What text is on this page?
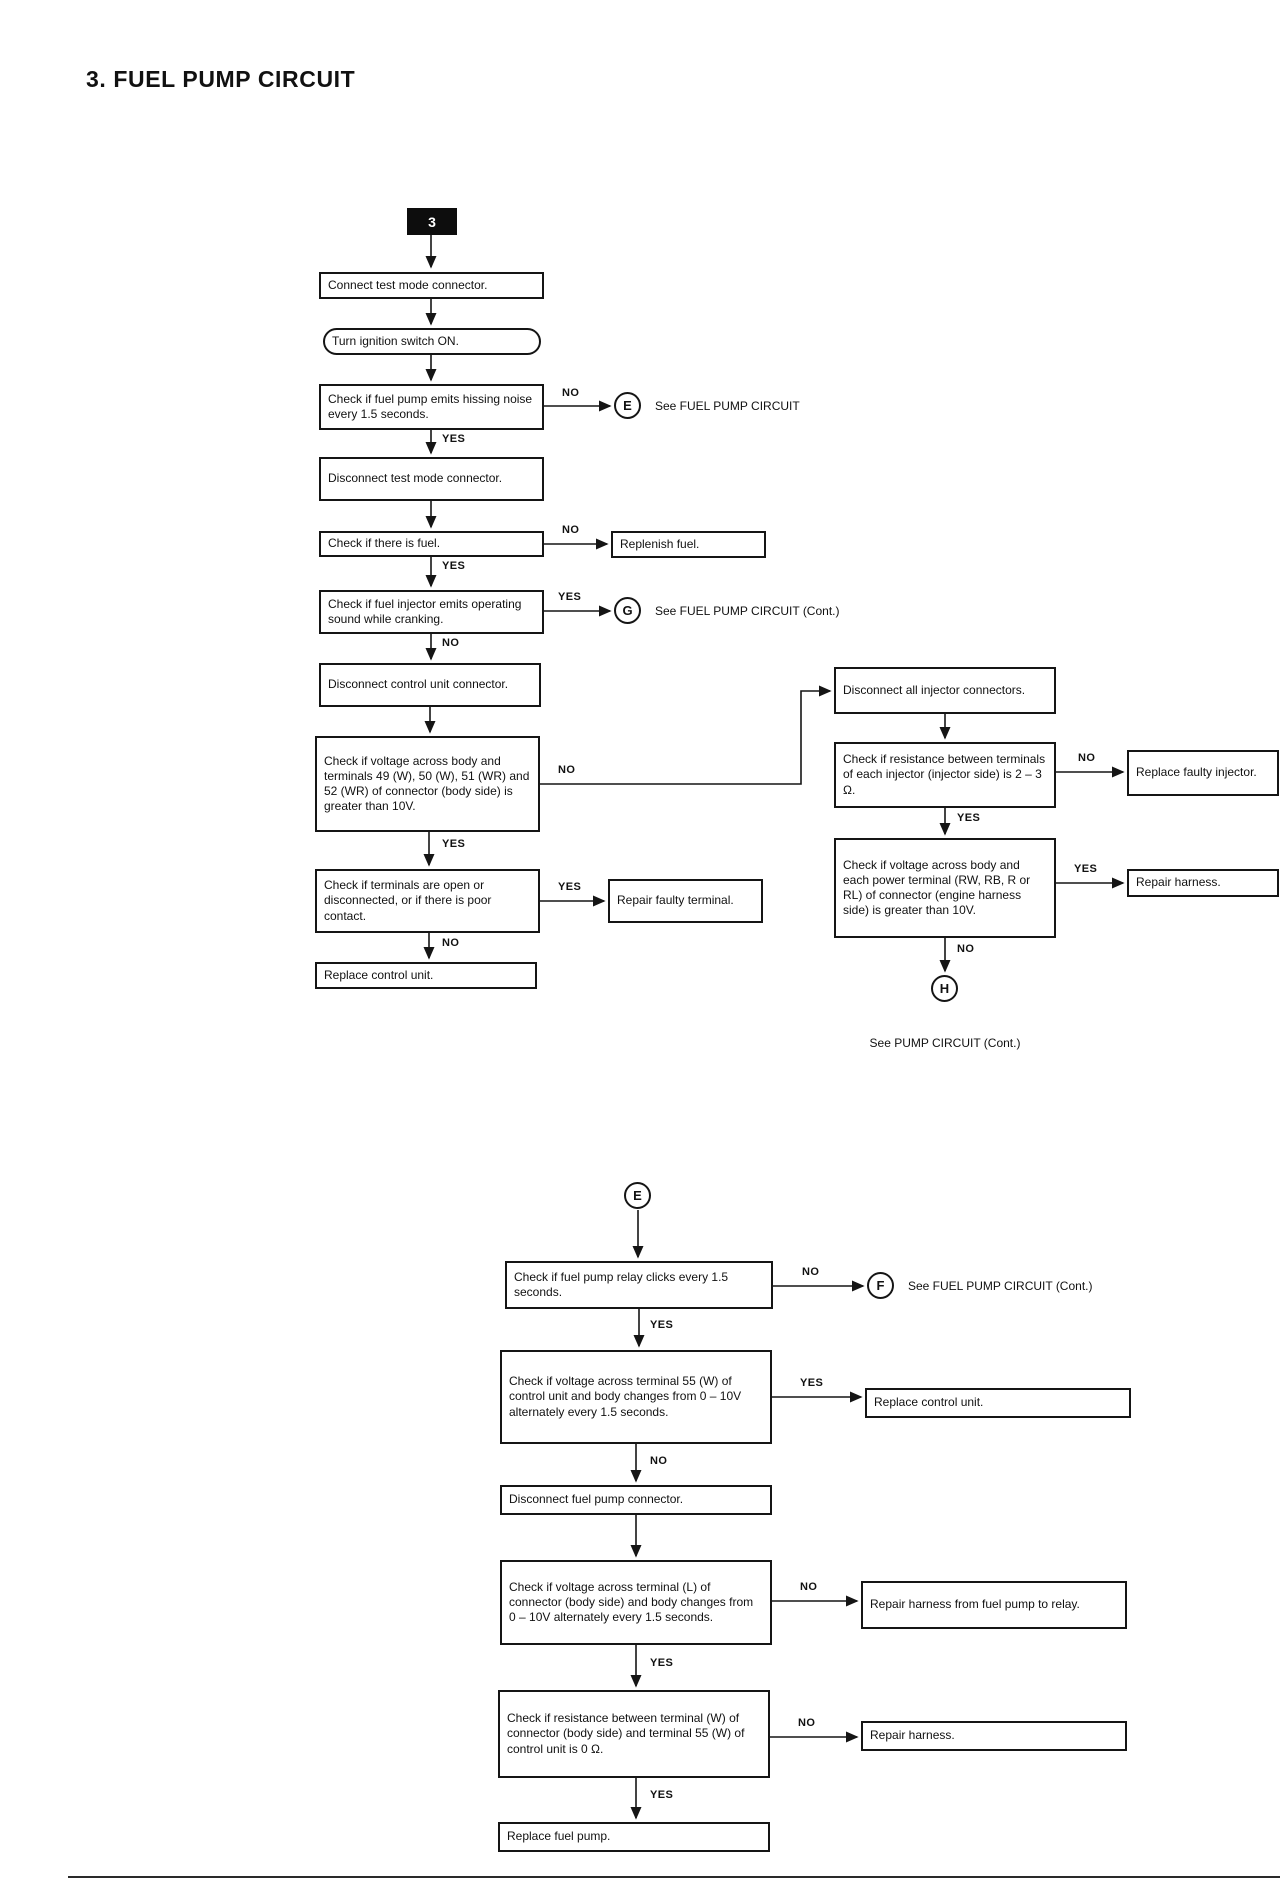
3. FUEL PUMP CIRCUIT
3
Connect test mode connector.
Turn ignition switch ON.
Check if fuel pump emits hissing noise every 1.5 seconds.
Disconnect test mode connector.
Check if there is fuel.	Replenish fuel.
Check if fuel injector emits operating sound while cranking.
Disconnect control unit connector.
Check if voltage across body and terminals 49 (W), 50 (W), 51 (WR) and 52 (WR) of connector (body side) is greater than 10V.
Check if terminals are open or disconnected, or if there is poor contact.
Repair faulty terminal.
Replace control unit.
Disconnect all injector connectors.
Check if resistance between terminals of each injector (injector side) is 2 – 3 Ω.
Replace faulty injector.
Check if voltage across body and each power terminal (RW, RB, R or RL) of connector (engine harness side) is greater than 10V.
Repair harness.
E
G
H
See FUEL PUMP CIRCUIT
See FUEL PUMP CIRCUIT (Cont.)
See PUMP CIRCUIT (Cont.)
YES
NO
YES
NO
YES
NO
NO
YES
YES
NO
NO
YES
YES
NO
E
Check if fuel pump relay clicks every 1.5 seconds.	F	See FUEL PUMP CIRCUIT (Cont.)
Check if voltage across terminal 55 (W) of control unit and body changes from 0 – 10V alternately every 1.5 seconds.
Replace control unit.
Disconnect fuel pump connector.
Check if voltage across terminal (L) of connector (body side) and body changes from 0 – 10V alternately every 1.5 seconds.
Repair harness from fuel pump to relay.
Check if resistance between terminal (W) of connector (body side) and terminal 55 (W) of control unit is 0 Ω.
Repair harness.
Replace fuel pump.
NO
YES
YES
NO
NO
YES
NO
YES
